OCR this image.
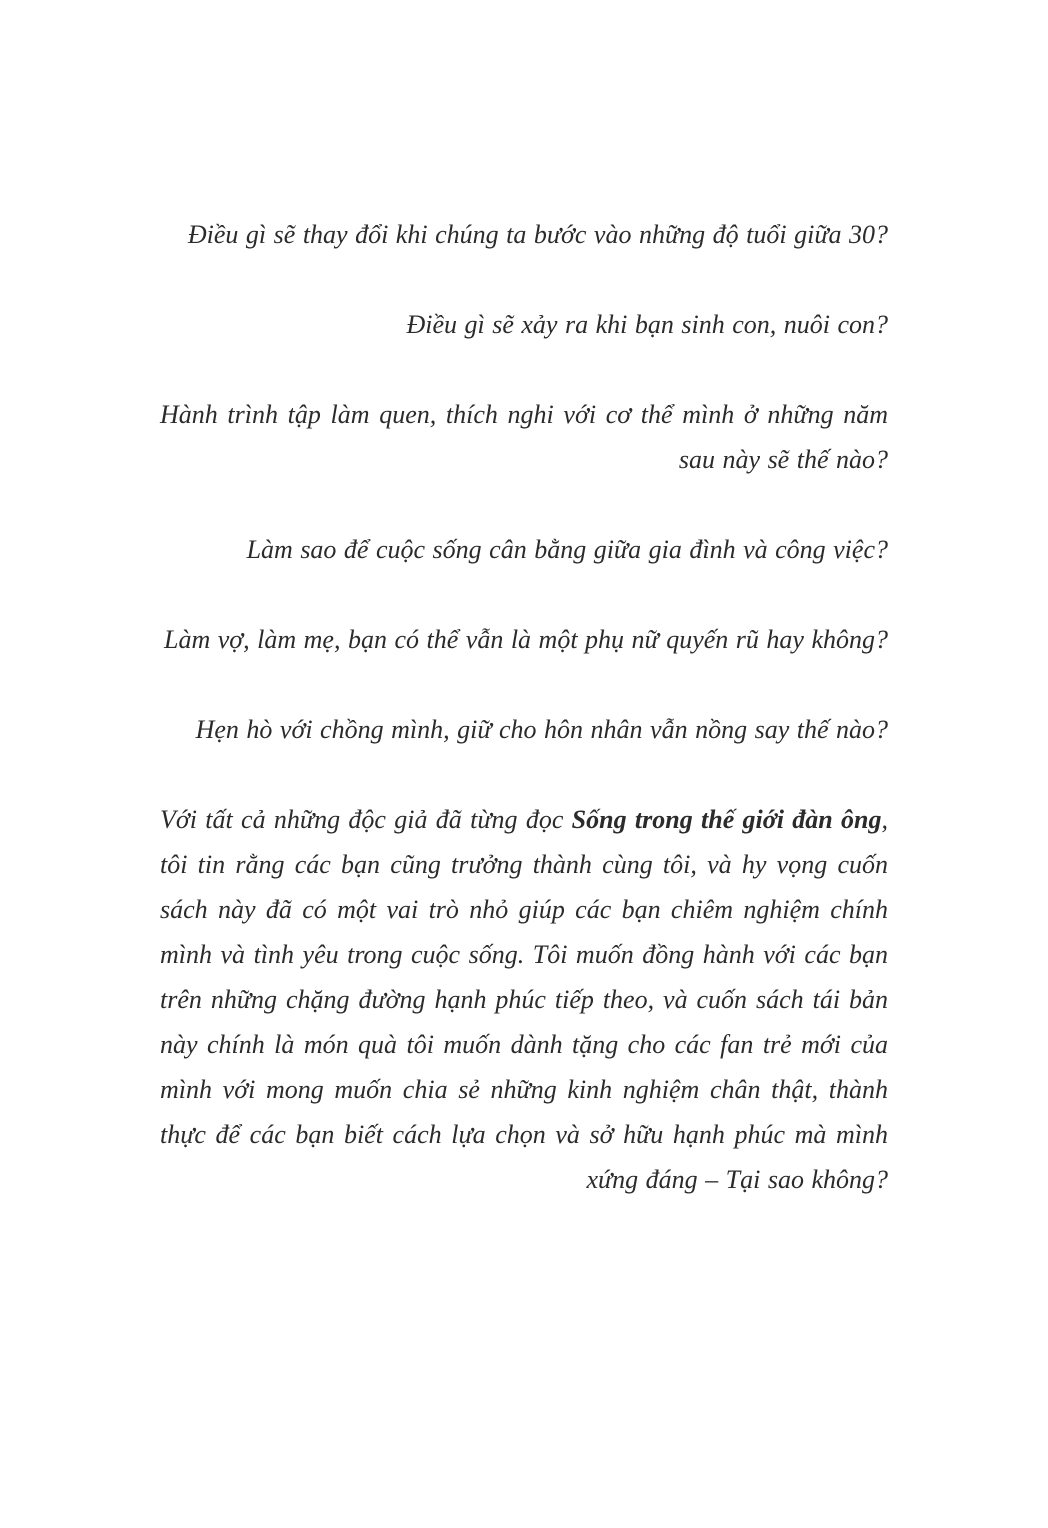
Điều gì sẽ thay đổi khi chúng ta bước vào những độ tuổi giữa 30?

Điều gì sẽ xảy ra khi bạn sinh con, nuôi con?

Hành trình tập làm quen, thích nghi với cơ thể mình ở những năm sau này sẽ thế nào?

Làm sao để cuộc sống cân bằng giữa gia đình và công việc?

Làm vợ, làm mẹ, bạn có thể vẫn là một phụ nữ quyến rũ hay không?

Hẹn hò với chồng mình, giữ cho hôn nhân vẫn nồng say thế nào?

Với tất cả những độc giả đã từng đọc Sống trong thế giới đàn ông, tôi tin rằng các bạn cũng trưởng thành cùng tôi, và hy vọng cuốn sách này đã có một vai trò nhỏ giúp các bạn chiêm nghiệm chính mình và tình yêu trong cuộc sống. Tôi muốn đồng hành với các bạn trên những chặng đường hạnh phúc tiếp theo, và cuốn sách tái bản này chính là món quà tôi muốn dành tặng cho các fan trẻ mới của mình với mong muốn chia sẻ những kinh nghiệm chân thật, thành thực để các bạn biết cách lựa chọn và sở hữu hạnh phúc mà mình xứng đáng – Tại sao không?
